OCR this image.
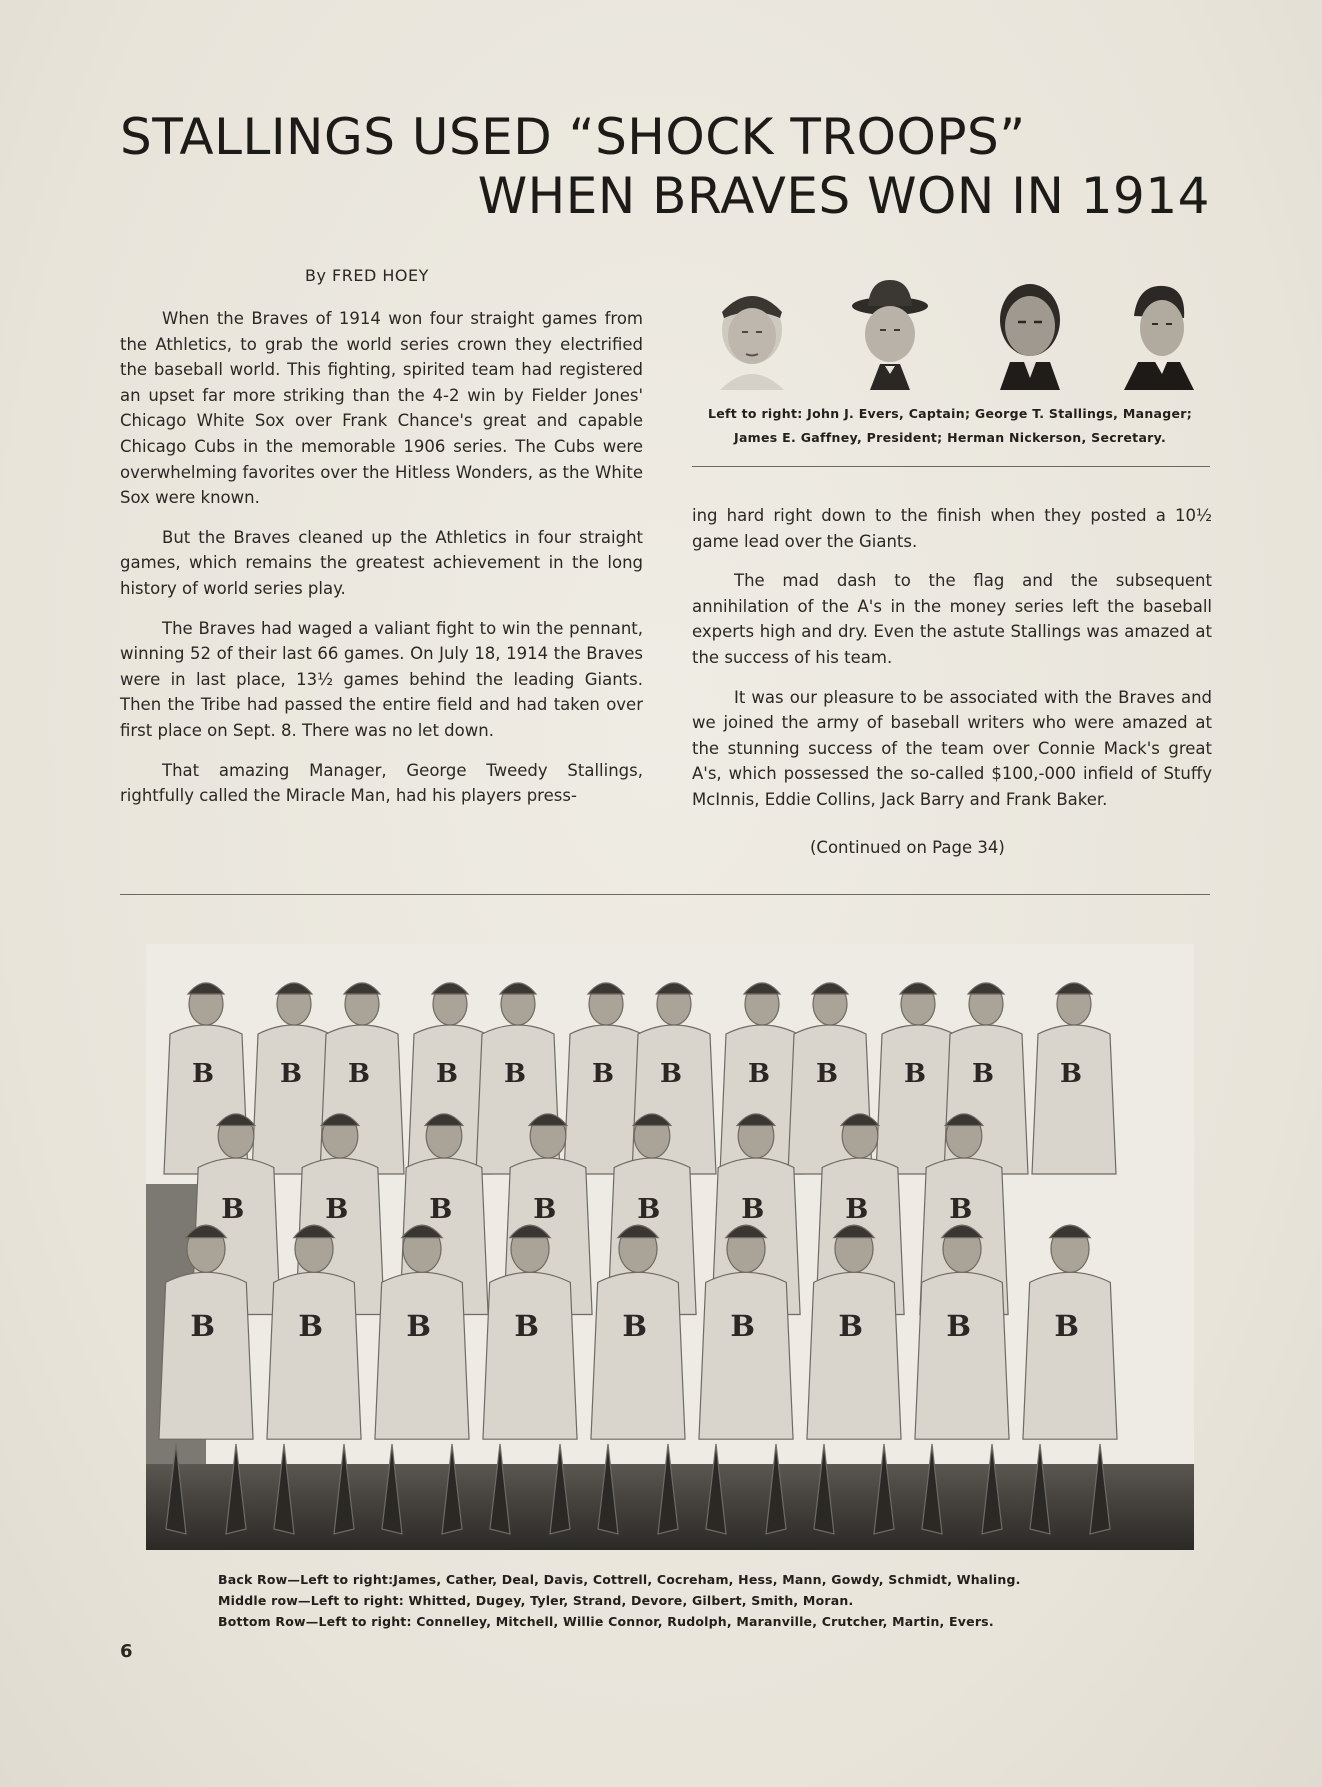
STALLINGS USED “SHOCK TROOPS”
WHEN BRAVES WON IN 1914
By FRED HOEY

When the Braves of 1914 won four straight games from the Athletics, to grab the world series crown they electrified the baseball world. This fighting, spirited team had registered an upset far more striking than the 4-2 win by Fielder Jones' Chicago White Sox over Frank Chance's great and capable Chicago Cubs in the memorable 1906 series. The Cubs were overwhelming favorites over the Hitless Wonders, as the White Sox were known.

But the Braves cleaned up the Athletics in four straight games, which remains the greatest achievement in the long history of world series play.

The Braves had waged a valiant fight to win the pennant, winning 52 of their last 66 games. On July 18, 1914 the Braves were in last place, 13½ games behind the leading Giants. Then the Tribe had passed the entire field and had taken over first place on Sept. 8. There was no let down.

That amazing Manager, George Tweedy Stallings, rightfully called the Miracle Man, had his players press-

Left to right: John J. Evers, Captain; George T. Stallings, Manager;
James E. Gaffney, President; Herman Nickerson, Secretary.

ing hard right down to the finish when they posted a 10½ game lead over the Giants.

The mad dash to the flag and the subsequent annihilation of the A's in the money series left the baseball experts high and dry. Even the astute Stallings was amazed at the success of his team.

It was our pleasure to be associated with the Braves and we joined the army of baseball writers who were amazed at the stunning success of the team over Connie Mack's great A's, which possessed the so-called $100,-000 infield of Stuffy McInnis, Eddie Collins, Jack Barry and Frank Baker.

(Continued on Page 34)
B	B B	B B	B B	B B	B B	B
B	B	B	B	B	B	B	B
B	B	B	B	B	B	B	B	B
Back Row—Left to right:James, Cather, Deal, Davis, Cottrell, Cocreham, Hess, Mann, Gowdy, Schmidt, Whaling.
Middle row—Left to right: Whitted, Dugey, Tyler, Strand, Devore, Gilbert, Smith, Moran.
Bottom Row—Left to right: Connelley, Mitchell, Willie Connor, Rudolph, Maranville, Crutcher, Martin, Evers.
6
